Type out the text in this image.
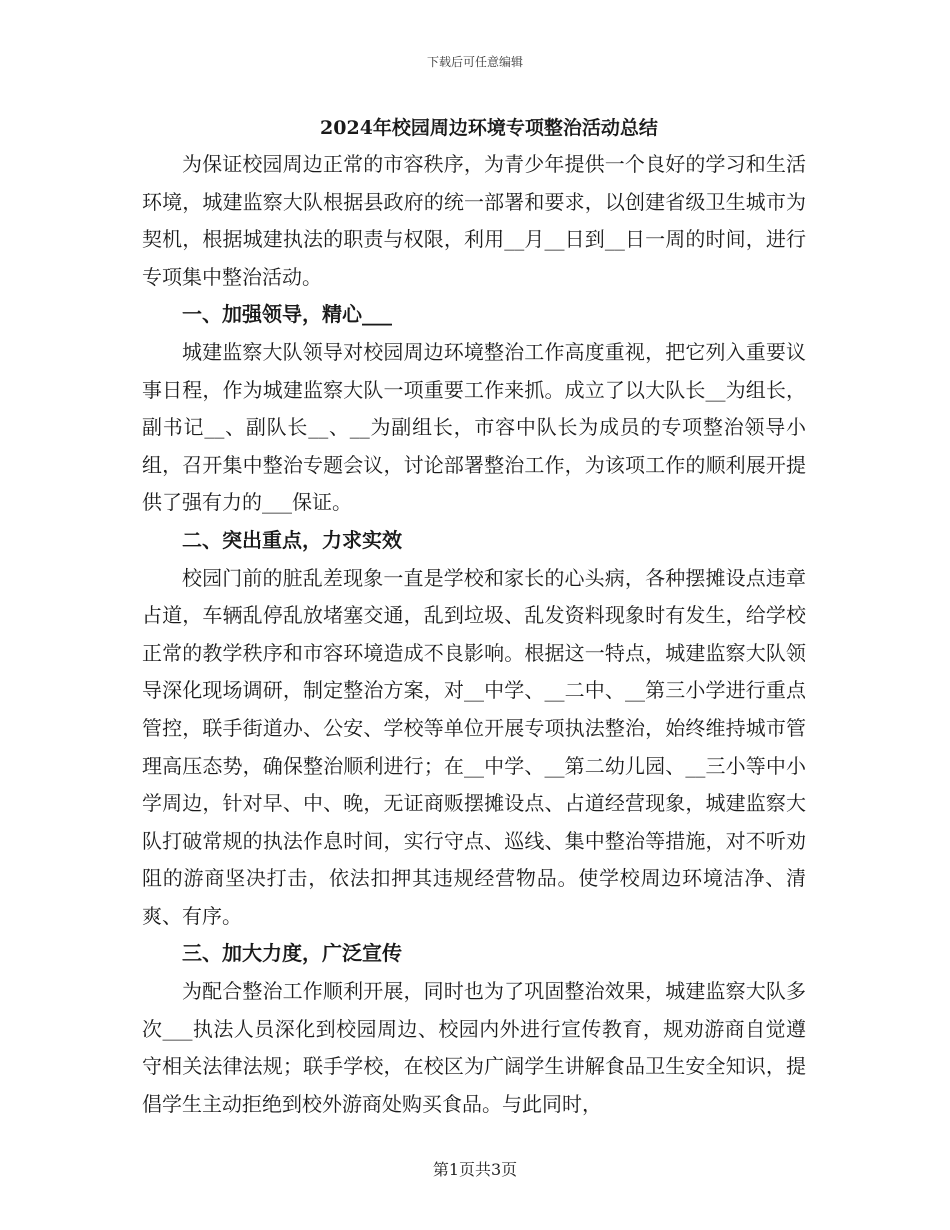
下载后可任意编辑
2024年校园周边环境专项整治活动总结

为保证校园周边正常的市容秩序，为青少年提供一个良好的学习和生活环境，城建监察大队根据县政府的统一部署和要求，以创建省级卫生城市为契机，根据城建执法的职责与权限，利用__月__日到__日一周的时间，进行专项集中整治活动。

一、加强领导，精心___

城建监察大队领导对校园周边环境整治工作高度重视，把它列入重要议事日程，作为城建监察大队一项重要工作来抓。成立了以大队长__为组长，副书记__、副队长__、__为副组长，市容中队长为成员的专项整治领导小组，召开集中整治专题会议，讨论部署整治工作，为该项工作的顺利展开提供了强有力的___保证。

二、突出重点，力求实效

校园门前的脏乱差现象一直是学校和家长的心头病，各种摆摊设点违章占道，车辆乱停乱放堵塞交通，乱到垃圾、乱发资料现象时有发生，给学校正常的教学秩序和市容环境造成不良影响。根据这一特点，城建监察大队领导深化现场调研，制定整治方案，对__中学、__二中、__第三小学进行重点管控，联手街道办、公安、学校等单位开展专项执法整治，始终维持城市管理高压态势，确保整治顺利进行；在__中学、__第二幼儿园、__三小等中小学周边，针对早、中、晚，无证商贩摆摊设点、占道经营现象，城建监察大队打破常规的执法作息时间，实行守点、巡线、集中整治等措施，对不听劝阻的游商坚决打击，依法扣押其违规经营物品。使学校周边环境洁净、清爽、有序。

三、加大力度，广泛宣传

为配合整治工作顺利开展，同时也为了巩固整治效果，城建监察大队多次___执法人员深化到校园周边、校园内外进行宣传教育，规劝游商自觉遵守相关法律法规；联手学校，在校区为广阔学生讲解食品卫生安全知识，提倡学生主动拒绝到校外游商处购买食品。与此同时，

第1页共3页
